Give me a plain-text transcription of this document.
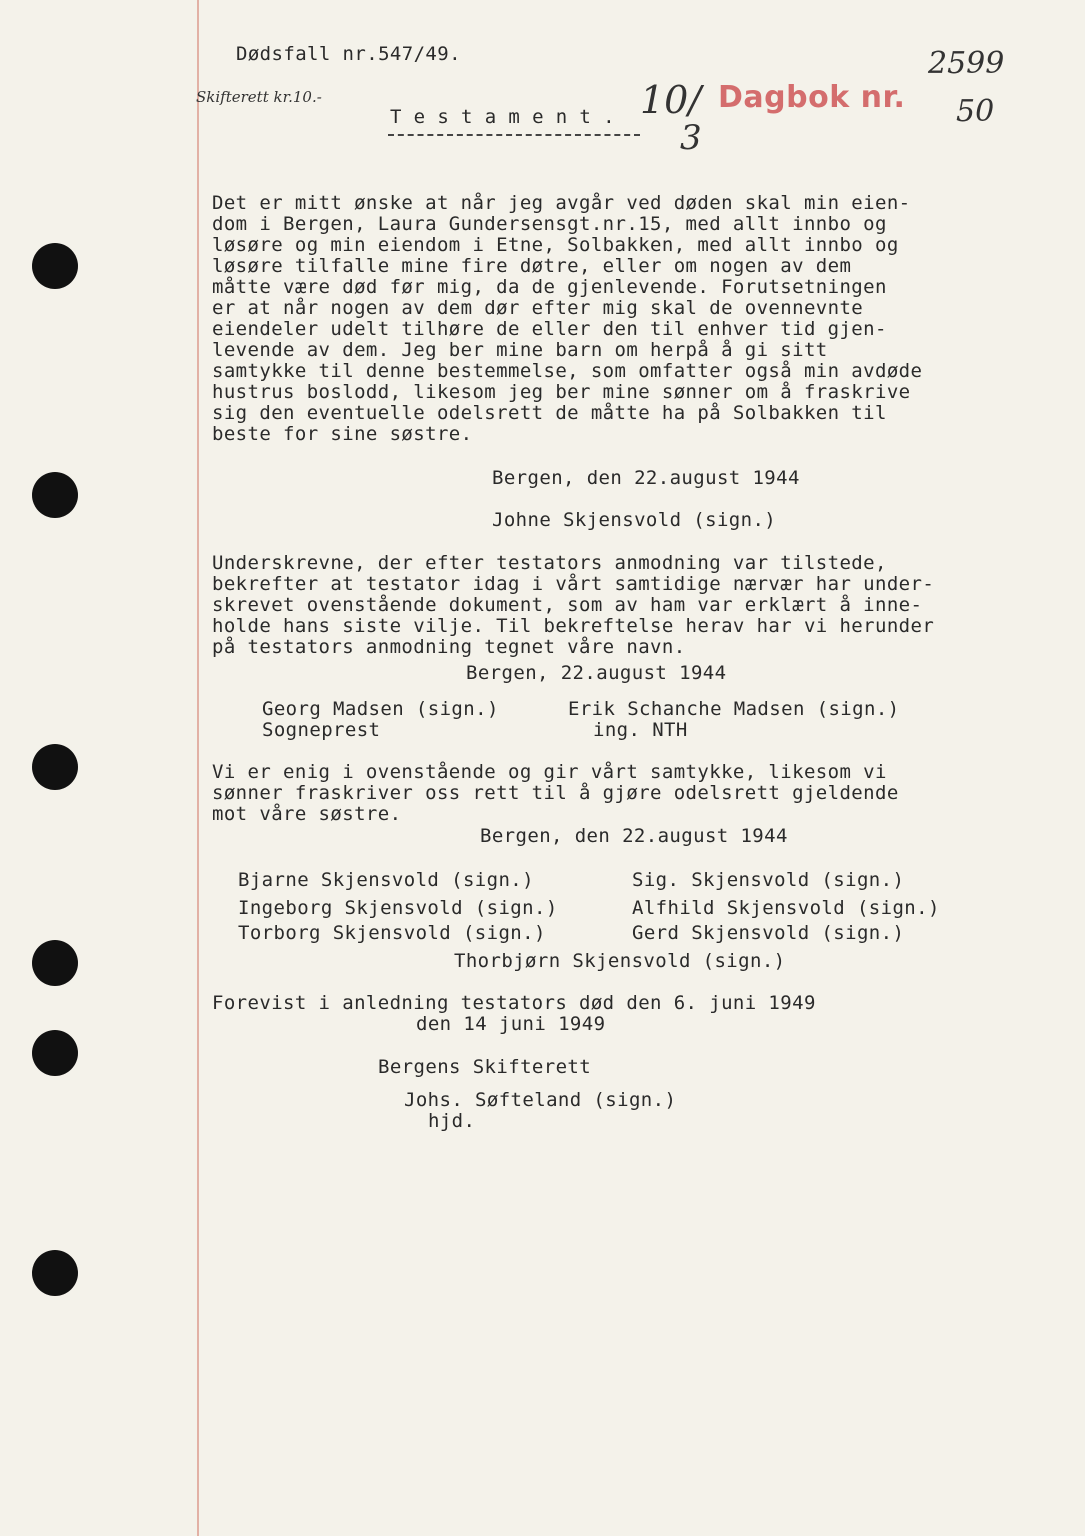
Dødsfall nr.547/49.
Skifterett kr.10.-
T e s t a m e n t . 10/
3
Dagbok nr.
2599
50
Det er mitt ønske at når jeg avgår ved døden skal min eien-
dom i Bergen, Laura Gundersensgt.nr.15, med allt innbo og
løsøre og min eiendom i Etne, Solbakken, med allt innbo og
løsøre tilfalle mine fire døtre, eller om nogen av dem
måtte være død før mig, da de gjenlevende. Forutsetningen
er at når nogen av dem dør efter mig skal de ovennevnte
eiendeler udelt tilhøre de eller den til enhver tid gjen-
levende av dem. Jeg ber mine barn om herpå å gi sitt
samtykke til denne bestemmelse, som omfatter også min avdøde
hustrus boslodd, likesom jeg ber mine sønner om å fraskrive
sig den eventuelle odelsrett de måtte ha på Solbakken til
beste for sine søstre.
Bergen, den 22.august 1944
Johne Skjensvold (sign.)
Underskrevne, der efter testators anmodning var tilstede,
bekrefter at testator idag i vårt samtidige nærvær har under-
skrevet ovenstående dokument, som av ham var erklært å inne-
holde hans siste vilje. Til bekreftelse herav har vi herunder
på testators anmodning tegnet våre navn.
Bergen, 22.august 1944
Georg Madsen (sign.)
Sogneprest
Erik Schanche Madsen (sign.)
ing. NTH
Vi er enig i ovenstående og gir vårt samtykke, likesom vi
sønner fraskriver oss rett til å gjøre odelsrett gjeldende
mot våre søstre.
Bergen, den 22.august 1944
Bjarne Skjensvold (sign.)
Ingeborg Skjensvold (sign.)
Torborg Skjensvold (sign.)
Sig. Skjensvold (sign.)
Alfhild Skjensvold (sign.)
Gerd Skjensvold (sign.)
Thorbjørn Skjensvold (sign.)
Forevist i anledning testators død den 6. juni 1949
den 14 juni 1949
Bergens Skifterett
Johs. Søfteland (sign.)
hjd.
